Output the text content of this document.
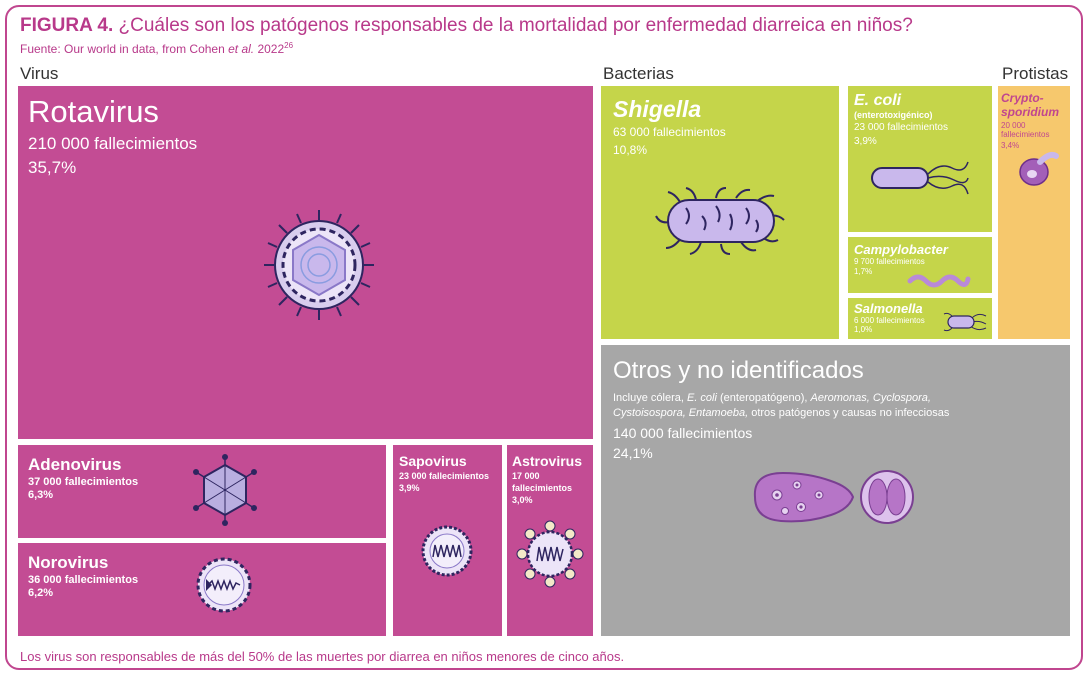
FIGURA 4. ¿Cuáles son los patógenos responsables de la mortalidad por enfermedad diarreica en niños?
Fuente: Our world in data, from Cohen et al. 2022$^{26}$
Virus	Bacterias	Protistas
Rotavirus
210 000 fallecimientos
35,7%
Adenovirus
37 000 fallecimientos
6,3%
Norovirus
36 000 fallecimientos
6,2%
Sapovirus
23 000 fallecimientos
3,9%
Astrovirus
17 000
fallecimientos
3,0%
Shigella
63 000 fallecimientos
10,8%
E. coli
(enterotoxigénico)
23 000 fallecimientos
3,9%
Campylobacter
9 700 fallecimientos
1,7%
Salmonella
6 000 fallecimientos
1,0%
Crypto-
sporidium
20 000
fallecimientos
3,4%
Otros y no identificados
Incluye cólera, E. coli (enteropatógeno), Aeromonas, Cyclospora,
Cystoisospora, Entamoeba, otros patógenos y causas no infecciosas
140 000 fallecimientos
24,1%
Los virus son responsables de más del 50% de las muertes por diarrea en niños menores de cinco años.
